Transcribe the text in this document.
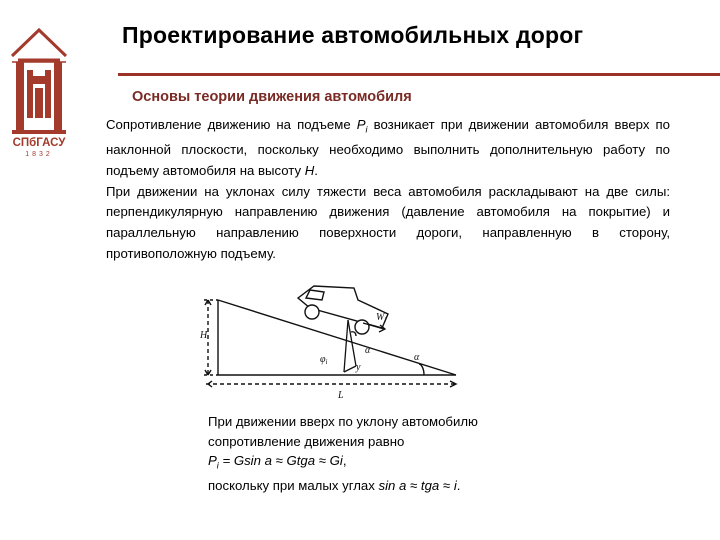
СПбГАСУ
1832
Проектирование автомобильных дорог
Основы теории движения автомобиля
Сопротивление движению на подъеме $P_i$ возникает при движении автомобиля вверх по наклонной плоскости, поскольку необходимо выполнить дополнительную работу по подъему автомобиля на высоту H.
При движении на уклонах силу тяжести веса автомобиля раскладывают на две силы: перпендикулярную направлению движения (давление автомобиля на покрытие) и параллельную направлению поверхности дороги, направленную в сторону, противоположную подъему.
H
L
$W_i$
$\varphi_i$
α
α
y
При движении вверх по уклону автомобилю
сопротивление движения равно
$P_i = Gsin$ a ≈ Gtga ≈ Gi,
поскольку при малых углах sin a ≈ tga ≈ i.
